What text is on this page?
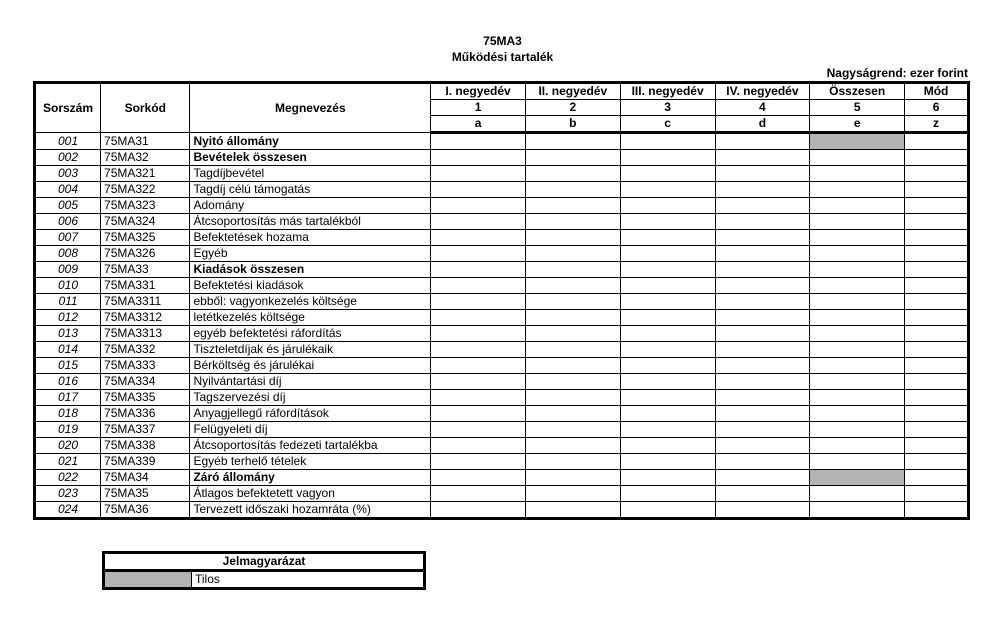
75MA3
Működési tartalék
Nagyságrend: ezer forint
Sorszám	Sorkód	Megnevezés	I. negyedév	II. negyedév	III. negyedév	IV. negyedév	Összesen	Mód
			1	2	3	4	5	6
			a	b	c	d	e	z
001	75MA31	Nyitó állomány						
002	75MA32	Bevételek összesen						
003	75MA321	Tagdíjbevétel						
004	75MA322	Tagdíj célú támogatás						
005	75MA323	Adomány						
006	75MA324	Átcsoportosítás más tartalékból						
007	75MA325	Befektetések hozama						
008	75MA326	Egyéb						
009	75MA33	Kiadások összesen						
010	75MA331	Befektetési kiadások						
011	75MA3311	ebből: vagyonkezelés költsége						
012	75MA3312	letétkezelés költsége						
013	75MA3313	egyéb befektetési ráfordítás						
014	75MA332	Tiszteletdíjak és járulékaik						
015	75MA333	Bérköltség és járulékai						
016	75MA334	Nyilvántartási díj						
017	75MA335	Tagszervezési díj						
018	75MA336	Anyagjellegű ráfordítások						
019	75MA337	Felügyeleti díj						
020	75MA338	Átcsoportosítás fedezeti tartalékba						
021	75MA339	Egyéb terhelő tételek						
022	75MA34	Záró állomány						
023	75MA35	Átlagos befektetett vagyon						
024	75MA36	Tervezett időszaki hozamráta (%)						
Jelmagyarázat
	Tilos
